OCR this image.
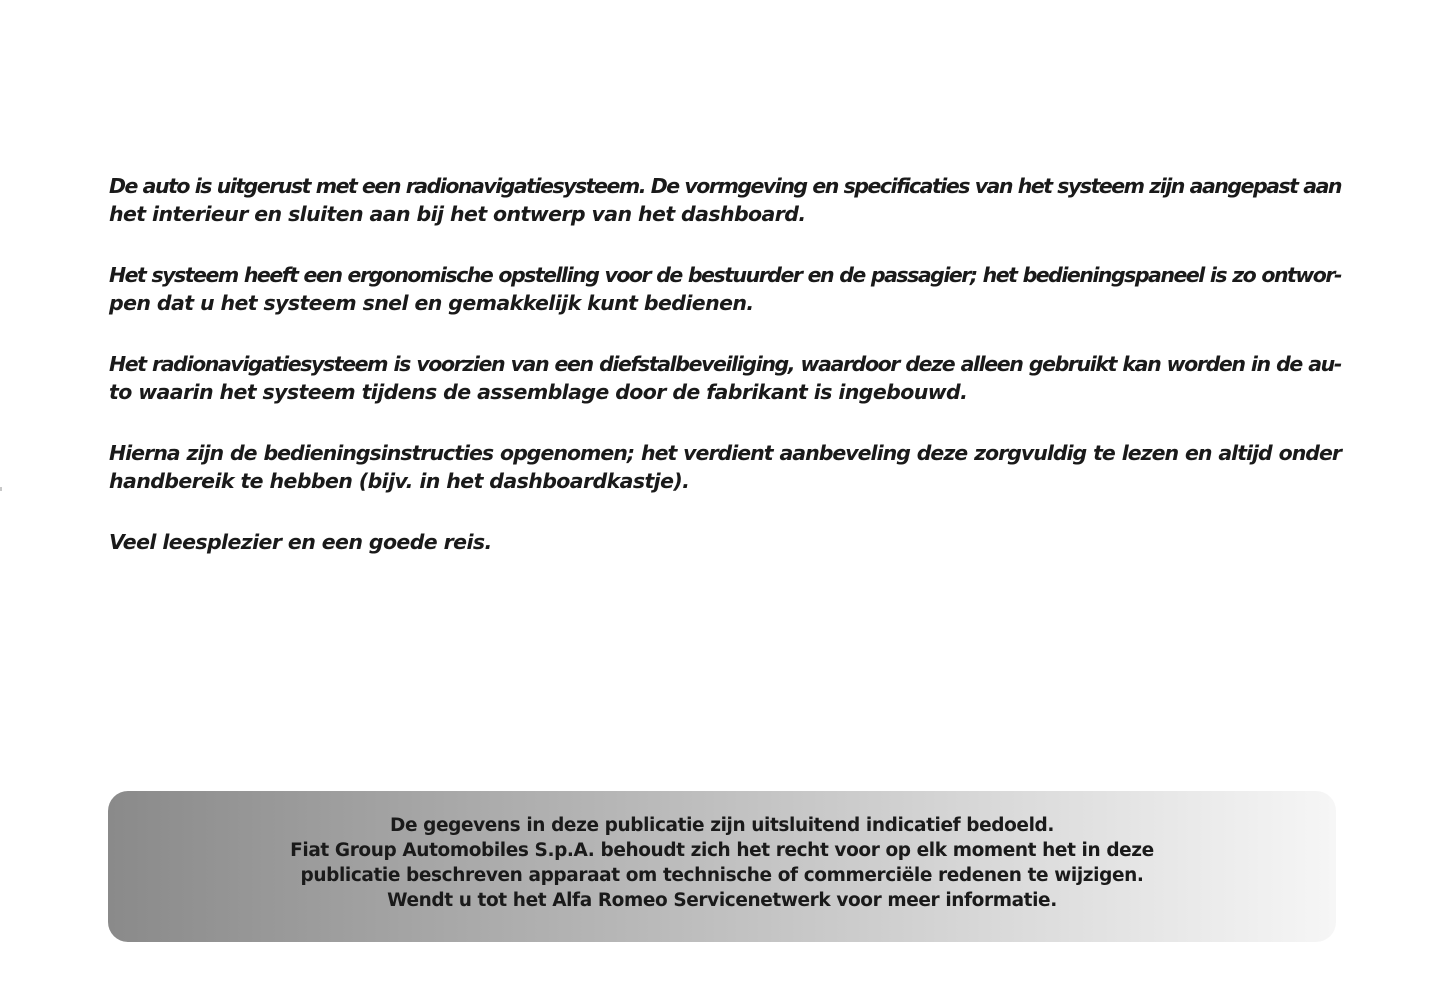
De auto is uitgerust met een radionavigatiesysteem. De vormgeving en specificaties van het systeem zijn aangepast aan
het interieur en sluiten aan bij het ontwerp van het dashboard.

Het systeem heeft een ergonomische opstelling voor de bestuurder en de passagier; het bedieningspaneel is zo ontwor-
pen dat u het systeem snel en gemakkelijk kunt bedienen.

Het radionavigatiesysteem is voorzien van een diefstalbeveiliging, waardoor deze alleen gebruikt kan worden in de au-
to waarin het systeem tijdens de assemblage door de fabrikant is ingebouwd.

Hierna zijn de bedieningsinstructies opgenomen; het verdient aanbeveling deze zorgvuldig te lezen en altijd onder
handbereik te hebben (bijv. in het dashboardkastje).

Veel leesplezier en een goede reis.

De gegevens in deze publicatie zijn uitsluitend indicatief bedoeld.
Fiat Group Automobiles S.p.A. behoudt zich het recht voor op elk moment het in deze
publicatie beschreven apparaat om technische of commerciële redenen te wijzigen.
Wendt u tot het Alfa Romeo Servicenetwerk voor meer informatie.
